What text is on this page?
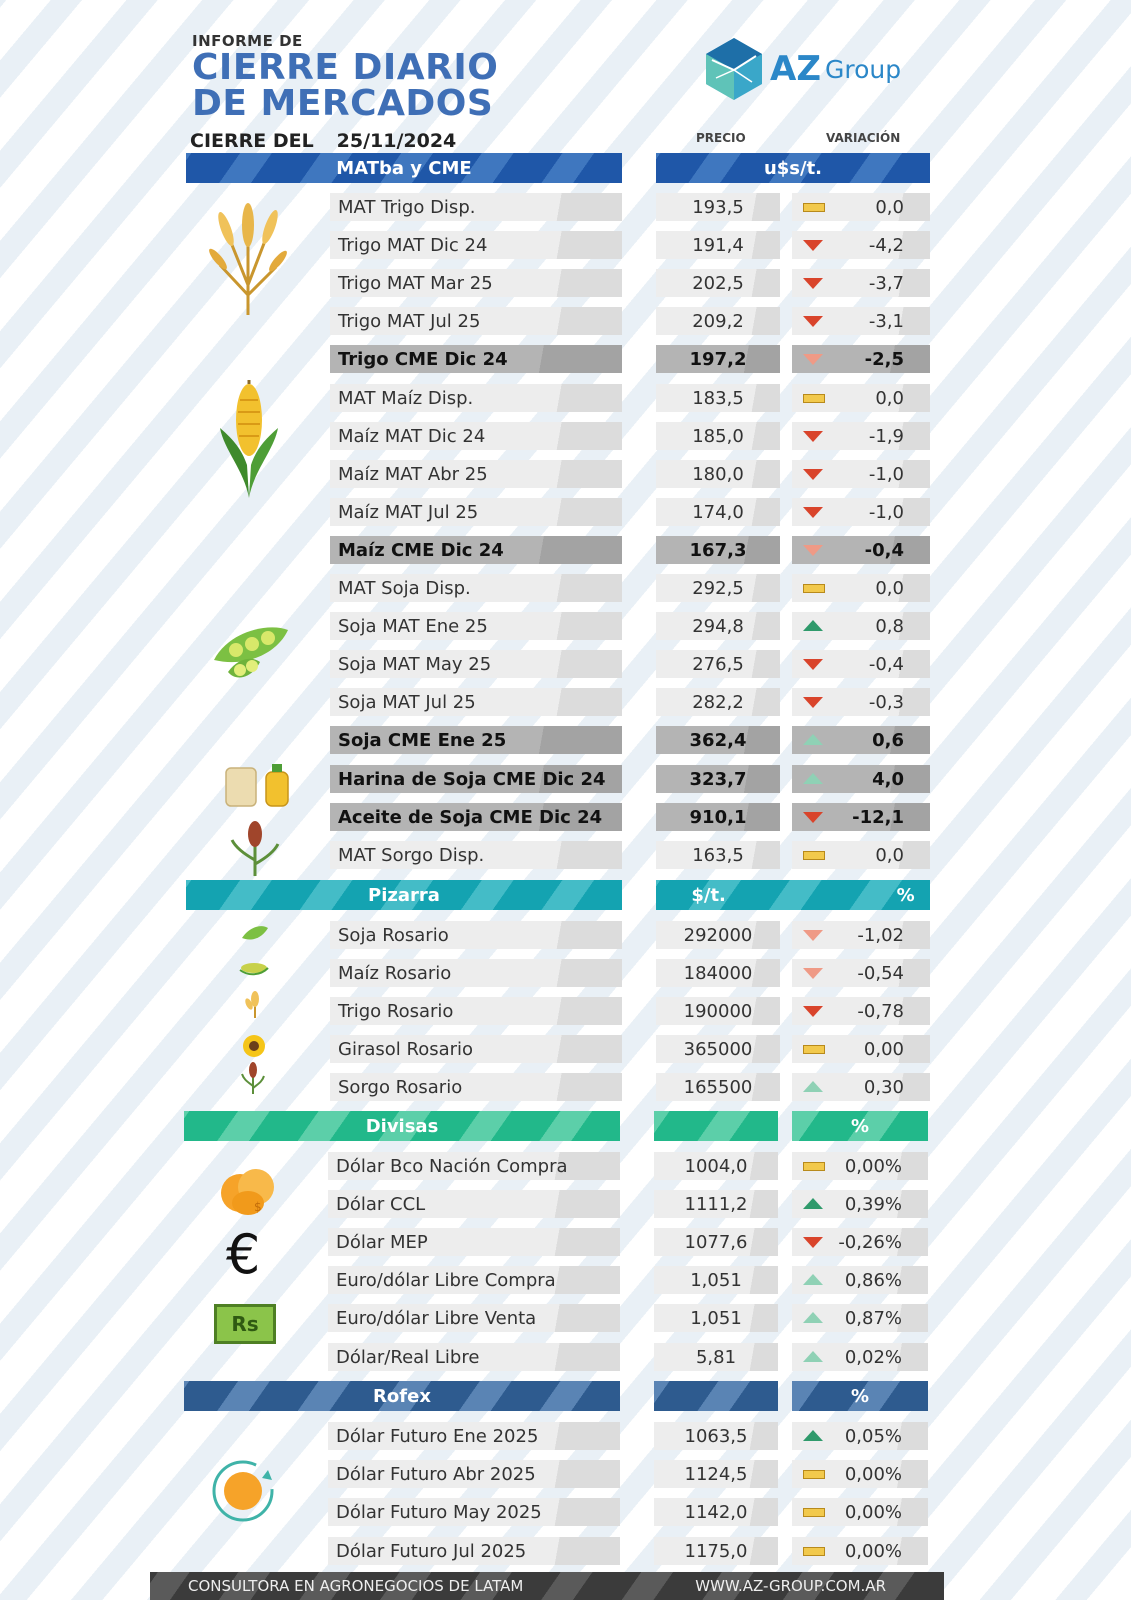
INFORME DE
CIERRE DIARIO
DE MERCADOS
CIERRE DEL 25/11/2024
AZ Group
PRECIO	VARIACIÓN
MATba y CME	u$s/t.
Pizarra	$/t.	%
Divisas	%
Rofex	%
MAT Trigo Disp.	193,5	0,0
Trigo MAT Dic 24	191,4	-4,2
Trigo MAT Mar 25	202,5	-3,7
Trigo MAT Jul 25	209,2	-3,1
Trigo CME Dic 24	197,2	-2,5
MAT Maíz Disp.	183,5	0,0
Maíz MAT Dic 24	185,0	-1,9
Maíz MAT Abr 25	180,0	-1,0
Maíz MAT Jul 25	174,0	-1,0
Maíz CME Dic 24	167,3	-0,4
MAT Soja Disp.	292,5	0,0
Soja MAT Ene 25	294,8	0,8
Soja MAT May 25	276,5	-0,4
Soja MAT Jul 25	282,2	-0,3
Soja CME Ene 25	362,4	0,6
Harina de Soja CME Dic 24	323,7	4,0
Aceite de Soja CME Dic 24	910,1	-12,1
MAT Sorgo Disp.	163,5	0,0
Soja Rosario	292000	-1,02
Maíz Rosario	184000	-0,54
Trigo Rosario	190000	-0,78
Girasol Rosario	365000	0,00
Sorgo Rosario	165500	0,30
Dólar Bco Nación Compra	1004,0	0,00%
Dólar CCL	1111,2	0,39%
Dólar MEP	1077,6	-0,26%
Euro/dólar Libre Compra	1,051	0,86%
Euro/dólar Libre Venta	1,051	0,87%
Dólar/Real Libre	5,81	0,02%
Dólar Futuro Ene 2025	1063,5	0,05%
Dólar Futuro Abr 2025	1124,5	0,00%
Dólar Futuro May 2025	1142,0	0,00%
Dólar Futuro Jul 2025	1175,0	0,00%
$
€
Rs
CONSULTORA EN AGRONEGOCIOS DE LATAM	WWW.AZ-GROUP.COM.AR
